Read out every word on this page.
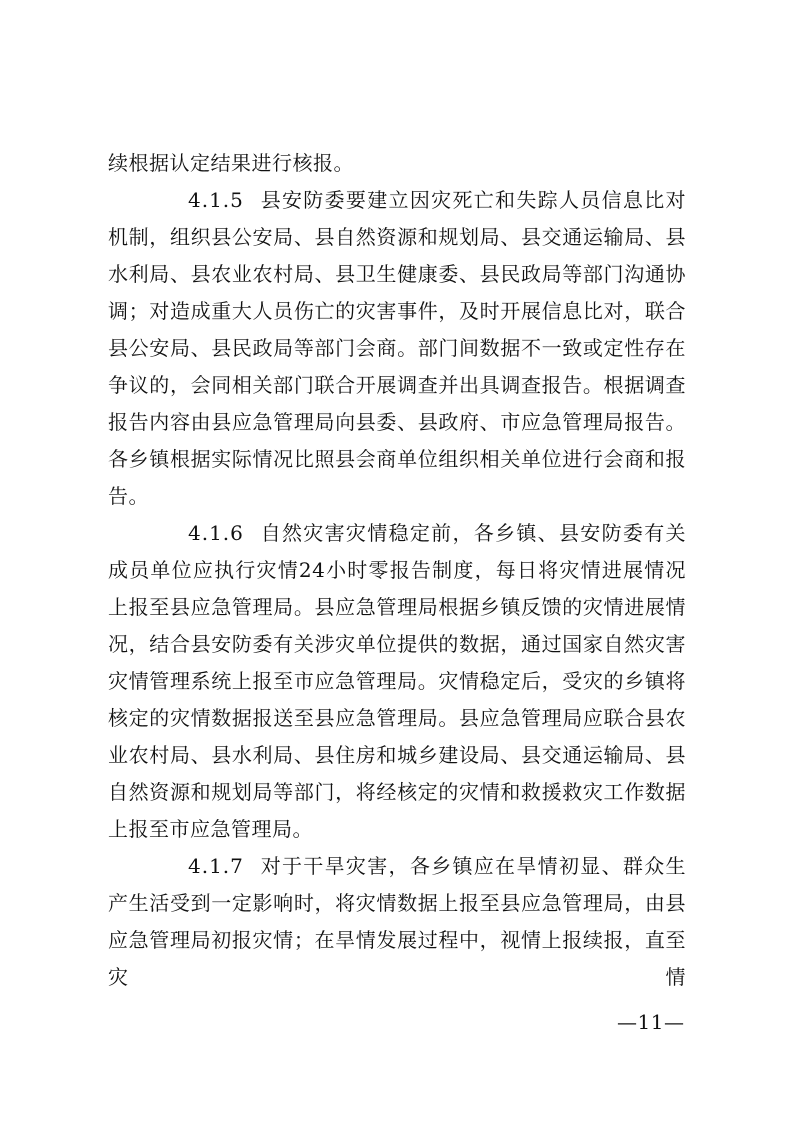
续根据认定结果进行核报。

4.1.5 县安防委要建立因灾死亡和失踪人员信息比对机制，组织县公安局、县自然资源和规划局、县交通运输局、县水利局、县农业农村局、县卫生健康委、县民政局等部门沟通协调；对造成重大人员伤亡的灾害事件，及时开展信息比对，联合县公安局、县民政局等部门会商。部门间数据不一致或定性存在争议的，会同相关部门联合开展调查并出具调查报告。根据调查报告内容由县应急管理局向县委、县政府、市应急管理局报告。各乡镇根据实际情况比照县会商单位组织相关单位进行会商和报告。

4.1.6 自然灾害灾情稳定前，各乡镇、县安防委有关成员单位应执行灾情24小时零报告制度，每日将灾情进展情况上报至县应急管理局。县应急管理局根据乡镇反馈的灾情进展情况，结合县安防委有关涉灾单位提供的数据，通过国家自然灾害灾情管理系统上报至市应急管理局。灾情稳定后，受灾的乡镇将核定的灾情数据报送至县应急管理局。县应急管理局应联合县农业农村局、县水利局、县住房和城乡建设局、县交通运输局、县自然资源和规划局等部门，将经核定的灾情和救援救灾工作数据上报至市应急管理局。

4.1.7 对于干旱灾害，各乡镇应在旱情初显、群众生产生活受到一定影响时，将灾情数据上报至县应急管理局，由县应急管理局初报灾情；在旱情发展过程中，视情上报续报，直至灾情

—11—
